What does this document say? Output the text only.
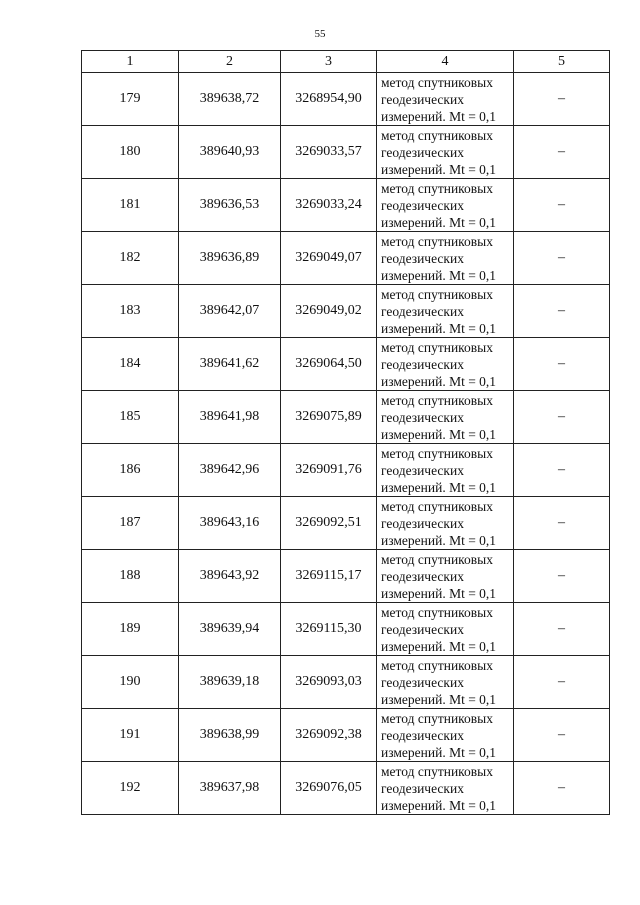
55
1	2	3	4	5
179	389638,72	3268954,90	метод спутниковых
геодезических
измерений. Mt = 0,1	–
180	389640,93	3269033,57	метод спутниковых
геодезических
измерений. Mt = 0,1	–
181	389636,53	3269033,24	метод спутниковых
геодезических
измерений. Mt = 0,1	–
182	389636,89	3269049,07	метод спутниковых
геодезических
измерений. Mt = 0,1	–
183	389642,07	3269049,02	метод спутниковых
геодезических
измерений. Mt = 0,1	–
184	389641,62	3269064,50	метод спутниковых
геодезических
измерений. Mt = 0,1	–
185	389641,98	3269075,89	метод спутниковых
геодезических
измерений. Mt = 0,1	–
186	389642,96	3269091,76	метод спутниковых
геодезических
измерений. Mt = 0,1	–
187	389643,16	3269092,51	метод спутниковых
геодезических
измерений. Mt = 0,1	–
188	389643,92	3269115,17	метод спутниковых
геодезических
измерений. Mt = 0,1	–
189	389639,94	3269115,30	метод спутниковых
геодезических
измерений. Mt = 0,1	–
190	389639,18	3269093,03	метод спутниковых
геодезических
измерений. Mt = 0,1	–
191	389638,99	3269092,38	метод спутниковых
геодезических
измерений. Mt = 0,1	–
192	389637,98	3269076,05	метод спутниковых
геодезических
измерений. Mt = 0,1	–
